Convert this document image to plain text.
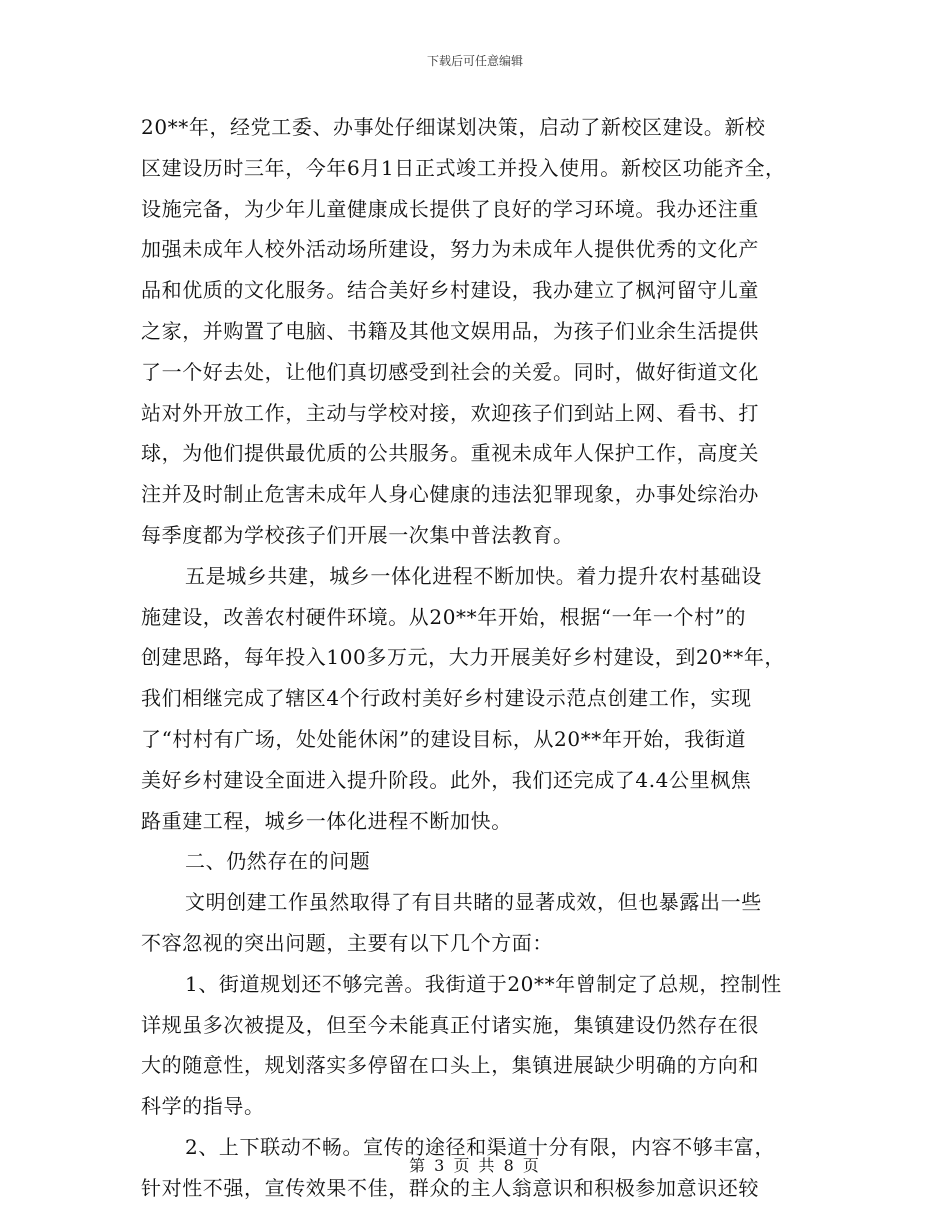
下载后可任意编辑
20**年，经党工委、办事处仔细谋划决策，启动了新校区建设。新校
区建设历时三年，今年6月1日正式竣工并投入使用。新校区功能齐全，
设施完备，为少年儿童健康成长提供了良好的学习环境。我办还注重
加强未成年人校外活动场所建设，努力为未成年人提供优秀的文化产
品和优质的文化服务。结合美好乡村建设，我办建立了枫河留守儿童
之家，并购置了电脑、书籍及其他文娱用品，为孩子们业余生活提供
了一个好去处，让他们真切感受到社会的关爱。同时，做好街道文化
站对外开放工作，主动与学校对接，欢迎孩子们到站上网、看书、打
球，为他们提供最优质的公共服务。重视未成年人保护工作，高度关
注并及时制止危害未成年人身心健康的违法犯罪现象，办事处综治办
每季度都为学校孩子们开展一次集中普法教育。
五是城乡共建，城乡一体化进程不断加快。着力提升农村基础设
施建设，改善农村硬件环境。从20**年开始，根据“一年一个村”的
创建思路，每年投入100多万元，大力开展美好乡村建设，到20**年，
我们相继完成了辖区4个行政村美好乡村建设示范点创建工作，实现
了“村村有广场，处处能休闲”的建设目标，从20**年开始，我街道
美好乡村建设全面进入提升阶段。此外，我们还完成了4.4公里枫焦
路重建工程，城乡一体化进程不断加快。
二、仍然存在的问题
文明创建工作虽然取得了有目共睹的显著成效，但也暴露出一些
不容忽视的突出问题，主要有以下几个方面：
1、街道规划还不够完善。我街道于20**年曾制定了总规，控制性
详规虽多次被提及，但至今未能真正付诸实施，集镇建设仍然存在很
大的随意性，规划落实多停留在口头上，集镇进展缺少明确的方向和
科学的指导。
2、上下联动不畅。宣传的途径和渠道十分有限，内容不够丰富，
针对性不强，宣传效果不佳，群众的主人翁意识和积极参加意识还较
第 3 页 共 8 页
